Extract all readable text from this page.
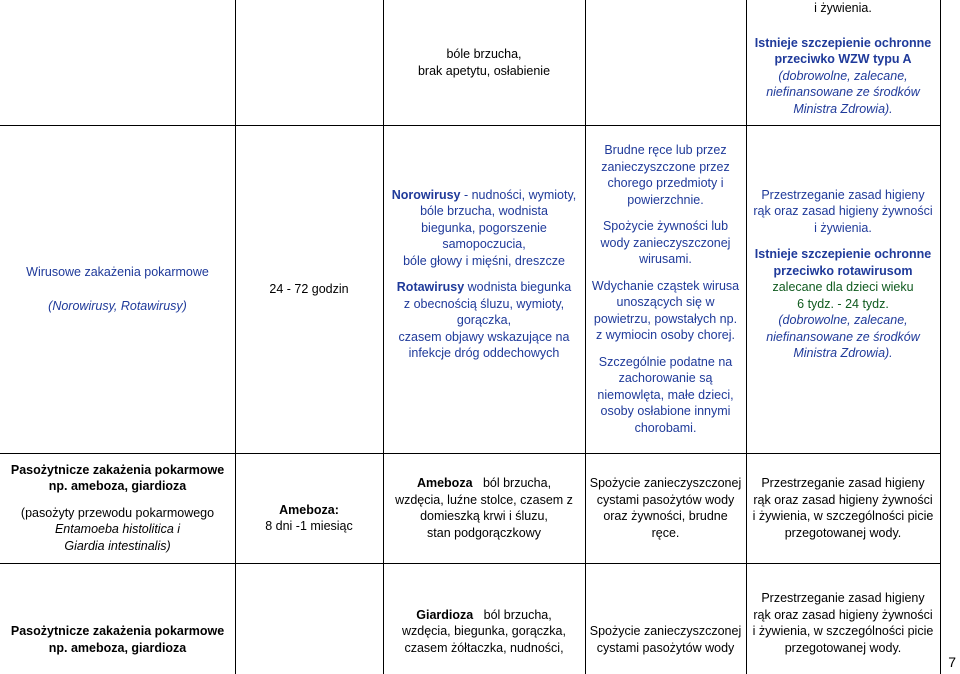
bóle brzucha,

brak apetytu, osłabienie

i żywienia.

Istnieje szczepienie ochronne

przeciwko WZW typu A

(dobrowolne, zalecane,

niefinansowane ze środków

Ministra Zdrowia).

Wirusowe zakażenia pokarmowe

(Norowirusy, Rotawirusy)

24 - 72 godzin

Norowirusy - nudności, wymioty,

bóle brzucha, wodnista

biegunka, pogorszenie

samopoczucia,

bóle głowy i mięśni, dreszcze

Rotawirusy wodnista biegunka

z obecnością śluzu, wymioty,

gorączka,

czasem objawy wskazujące na

infekcje dróg oddechowych

Brudne ręce lub przez

zanieczyszczone przez

chorego przedmioty i

powierzchnie.

Spożycie żywności lub

wody zanieczyszczonej

wirusami.

Wdychanie cząstek wirusa

unoszących się w

powietrzu, powstałych np.

z wymiocin osoby chorej.

Szczególnie podatne na

zachorowanie są

niemowlęta, małe dzieci,

osoby osłabione innymi

chorobami.

Przestrzeganie zasad higieny

rąk oraz zasad higieny żywności

i żywienia.

Istnieje szczepienie ochronne

przeciwko rotawirusom

zalecane dla dzieci wieku

6 tydz. - 24 tydz.

(dobrowolne, zalecane,

niefinansowane ze środków

Ministra Zdrowia).

Pasożytnicze zakażenia pokarmowe

np. ameboza, giardioza

(pasożyty przewodu pokarmowego

Entamoeba histolitica i

Giardia intestinalis)

Ameboza:

8 dni -1 miesiąc

Ameboza   ból brzucha,

wzdęcia, luźne stolce, czasem z

domieszką krwi i śluzu,

stan podgorączkowy

Spożycie zanieczyszczonej

cystami pasożytów wody

oraz żywności, brudne

ręce.

Przestrzeganie zasad higieny

rąk oraz zasad higieny żywności

i żywienia, w szczególności picie

przegotowanej wody.

Pasożytnicze zakażenia pokarmowe

np. ameboza, giardioza

Giardioza   ból brzucha,

wzdęcia, biegunka, gorączka,

czasem żółtaczka, nudności,

Spożycie zanieczyszczonej

cystami pasożytów wody

Przestrzeganie zasad higieny

rąk oraz zasad higieny żywności

i żywienia, w szczególności picie

przegotowanej wody.

7
